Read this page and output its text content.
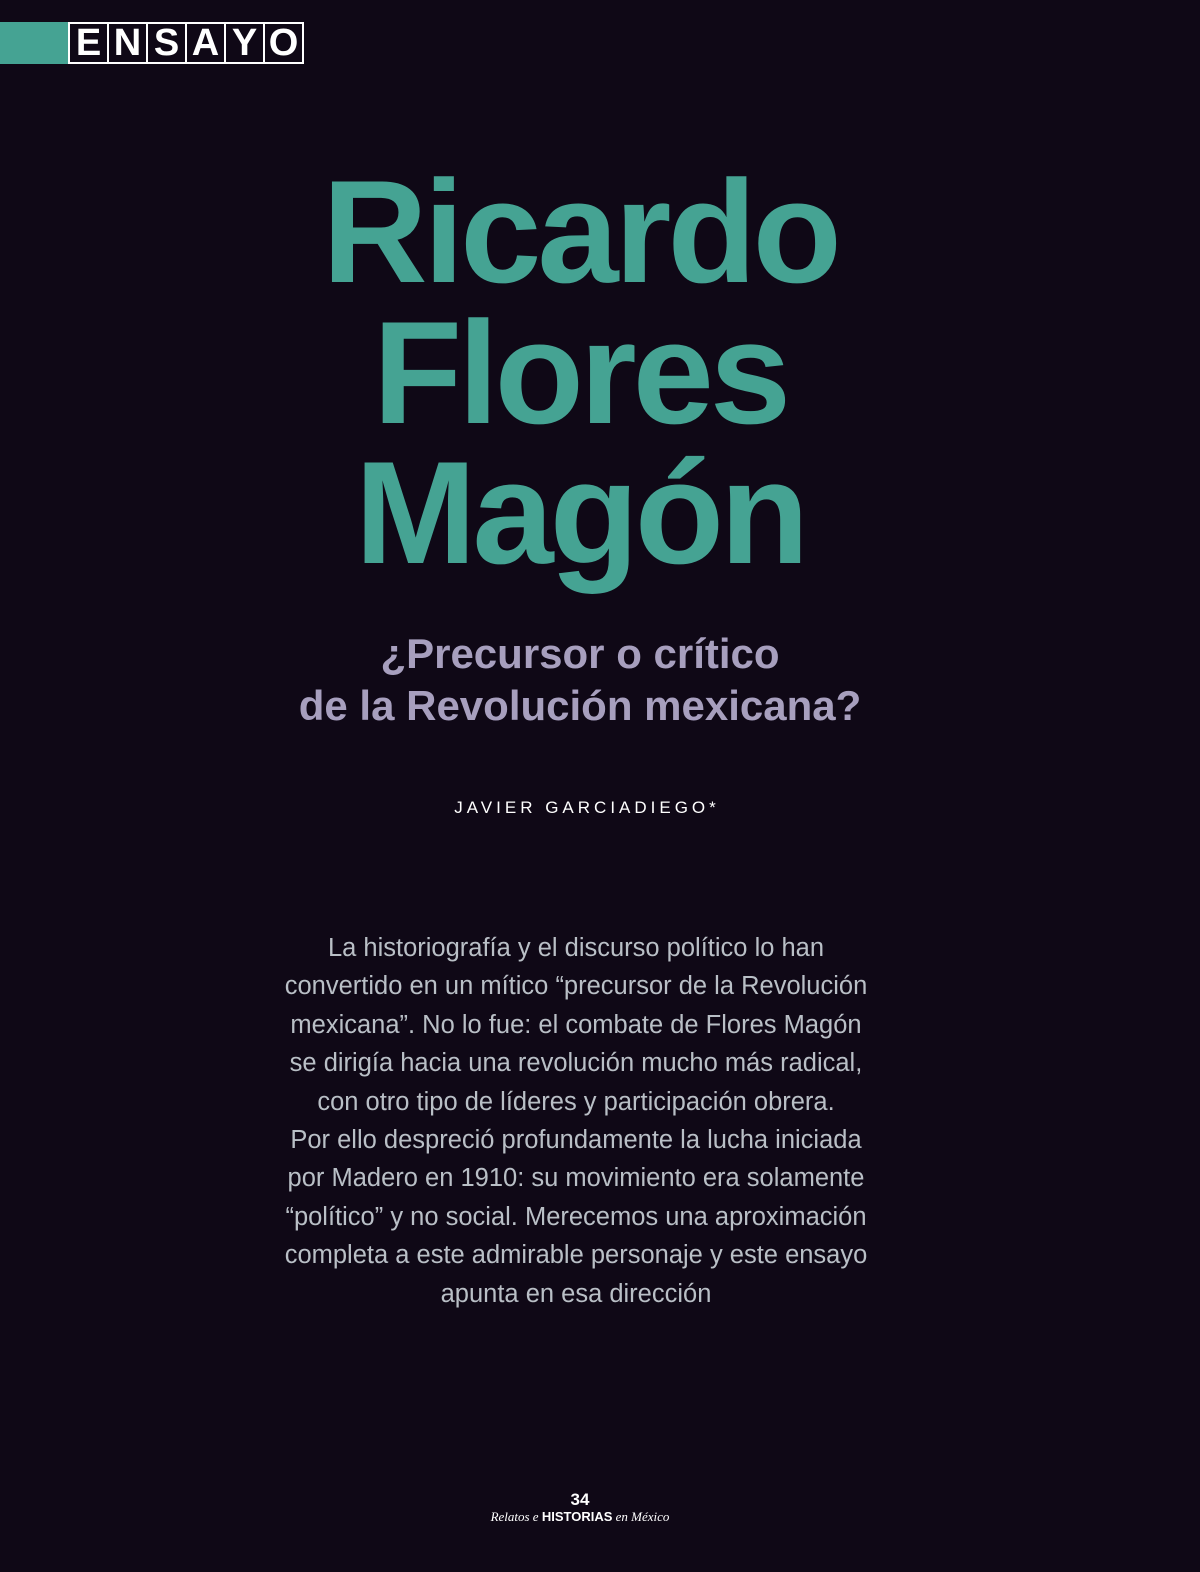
E N S A Y O
Ricardo
Flores
Magón
¿Precursor o crítico
de la Revolución mexicana?
JAVIER GARCIADIEGO*

La historiografía y el discurso político lo han
convertido en un mítico “precursor de la Revolución
mexicana”. No lo fue: el combate de Flores Magón
se dirigía hacia una revolución mucho más radical,
con otro tipo de líderes y participación obrera.
Por ello despreció profundamente la lucha iniciada
por Madero en 1910: su movimiento era solamente
“político” y no social. Merecemos una aproximación
completa a este admirable personaje y este ensayo
apunta en esa dirección

34
Relatos e HISTORIAS en México
